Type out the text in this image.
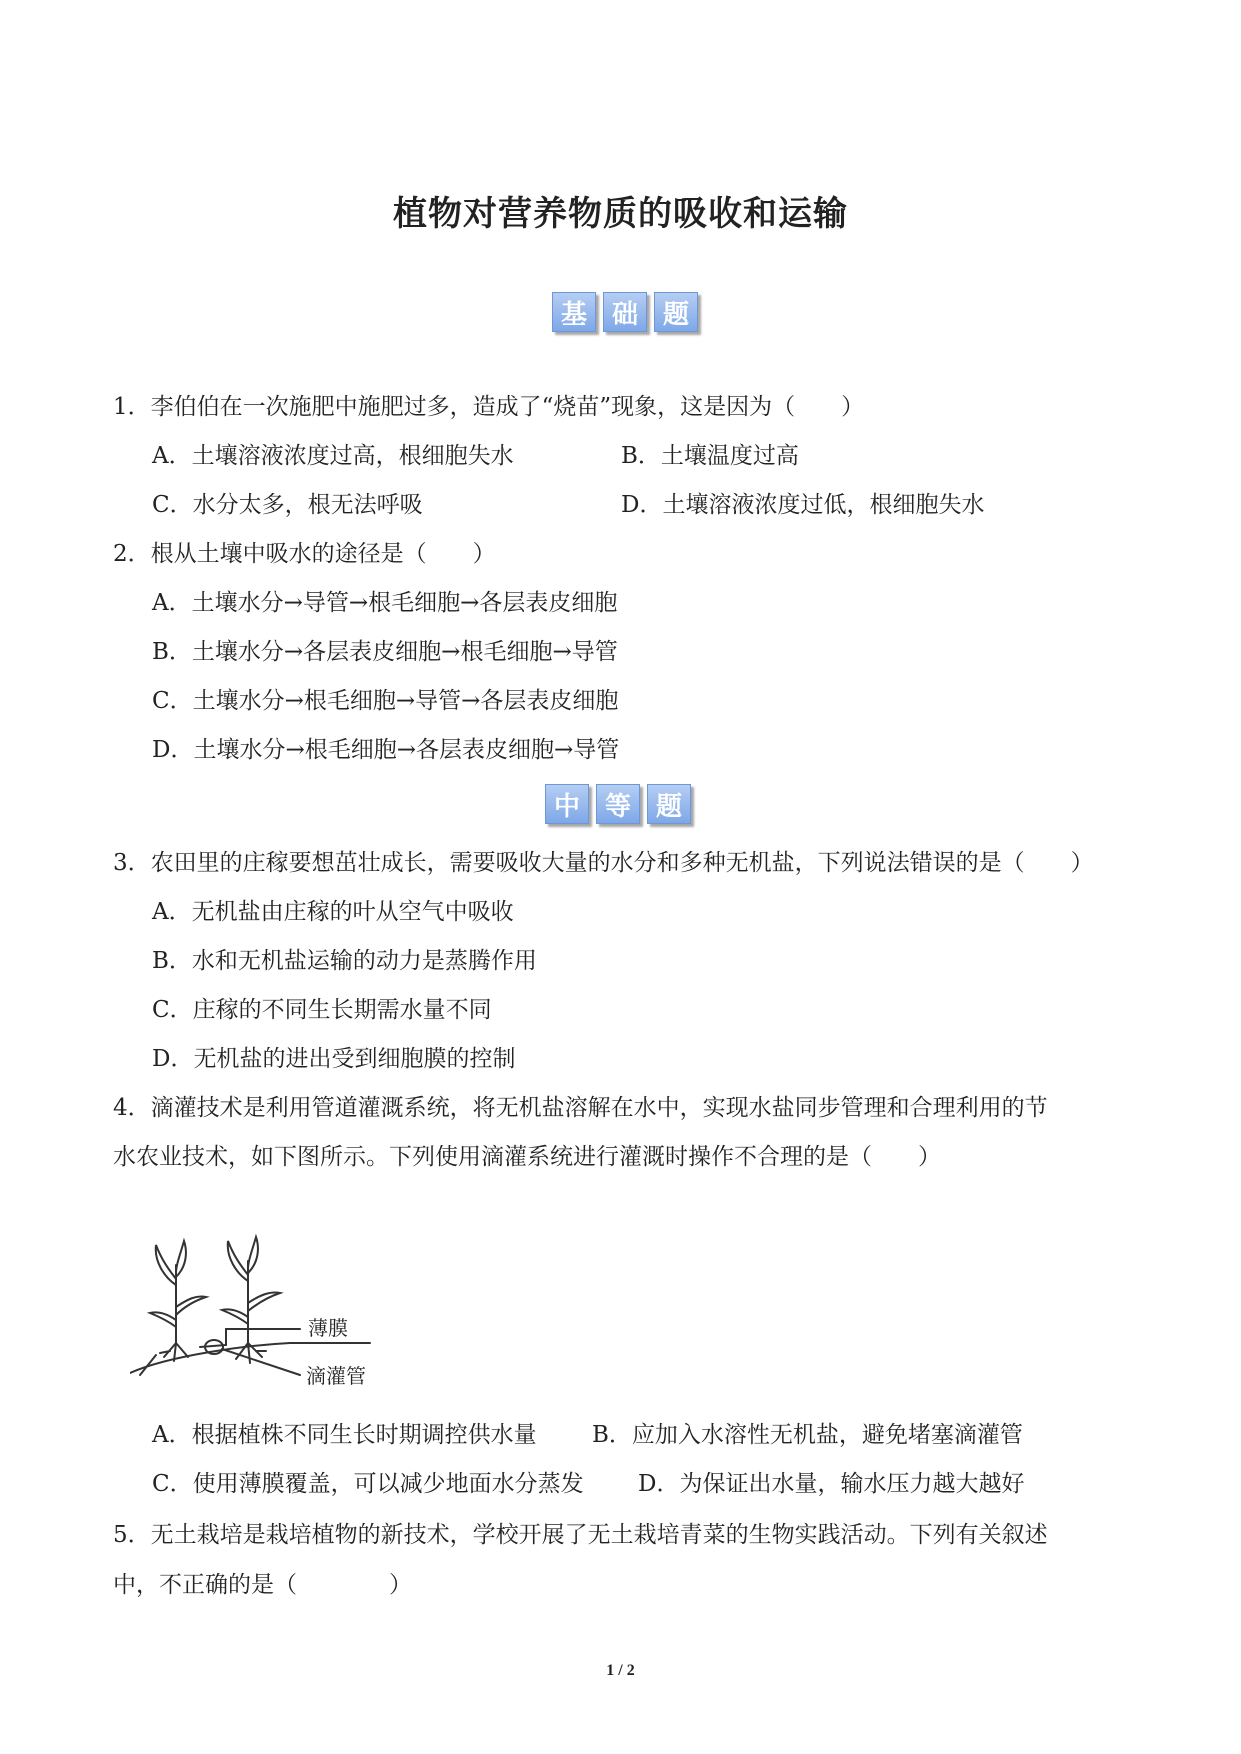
植物对营养物质的吸收和运输
基 础 题
1．李伯伯在一次施肥中施肥过多，造成了“烧苗”现象，这是因为（　　）
A．土壤溶液浓度过高，根细胞失水	B．土壤温度过高
C．水分太多，根无法呼吸	D．土壤溶液浓度过低，根细胞失水
2．根从土壤中吸水的途径是（　　）
A．土壤水分→导管→根毛细胞→各层表皮细胞
B．土壤水分→各层表皮细胞→根毛细胞→导管
C．土壤水分→根毛细胞→导管→各层表皮细胞
D．土壤水分→根毛细胞→各层表皮细胞→导管
中 等 题
3．农田里的庄稼要想茁壮成长，需要吸收大量的水分和多种无机盐，下列说法错误的是（　　）
A．无机盐由庄稼的叶从空气中吸收
B．水和无机盐运输的动力是蒸腾作用
C．庄稼的不同生长期需水量不同
D．无机盐的进出受到细胞膜的控制
4．滴灌技术是利用管道灌溉系统，将无机盐溶解在水中，实现水盐同步管理和合理利用的节
水农业技术，如下图所示。下列使用滴灌系统进行灌溉时操作不合理的是（　　）
薄膜
滴灌管
A．根据植株不同生长时期调控供水量 B．应加入水溶性无机盐，避免堵塞滴灌管
C．使用薄膜覆盖，可以减少地面水分蒸发 D．为保证出水量，输水压力越大越好
5．无土栽培是栽培植物的新技术，学校开展了无土栽培青菜的生物实践活动。下列有关叙述
中，不正确的是（　　　　）
1 / 2
